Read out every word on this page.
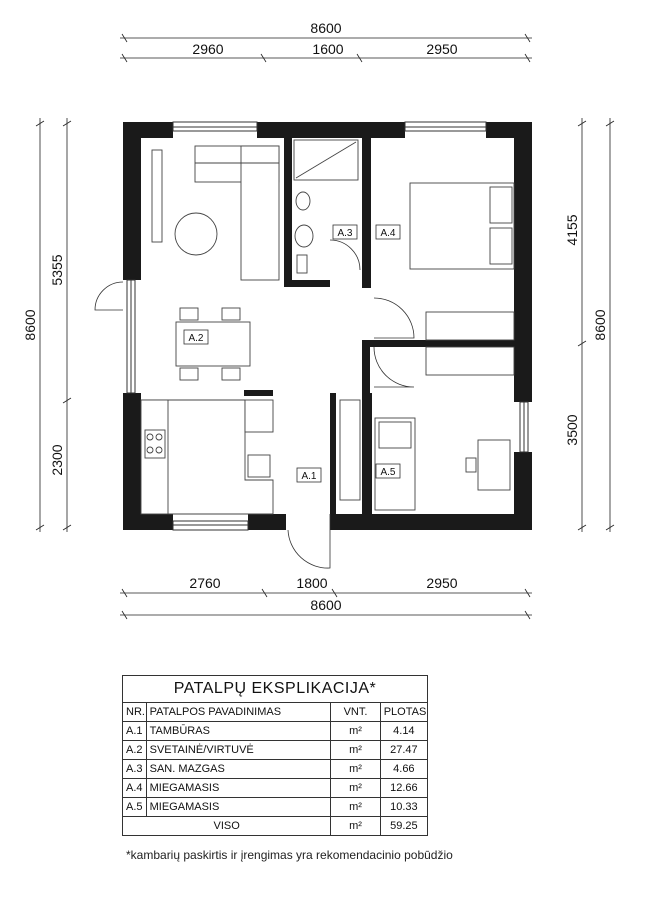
8600
2960	1600	2950
2760	1800	2950
8600
8600
5355
2300
4155
3500
8600
A.2
A.3	A.4
A.1	A.5
PATALPŲ EKSPLIKACIJA*			
NR.	PATALPOS PAVADINIMAS	VNT.	PLOTAS
A.1	TAMBŪRAS	m²	4.14
A.2	SVETAINĖ/VIRTUVĖ	m²	27.47
A.3	SAN. MAZGAS	m²	4.66
A.4	MIEGAMASIS	m²	12.66
A.5	MIEGAMASIS	m²	10.33
VISO		m²	59.25
*kambarių paskirtis ir įrengimas yra rekomendacinio pobūdžio
